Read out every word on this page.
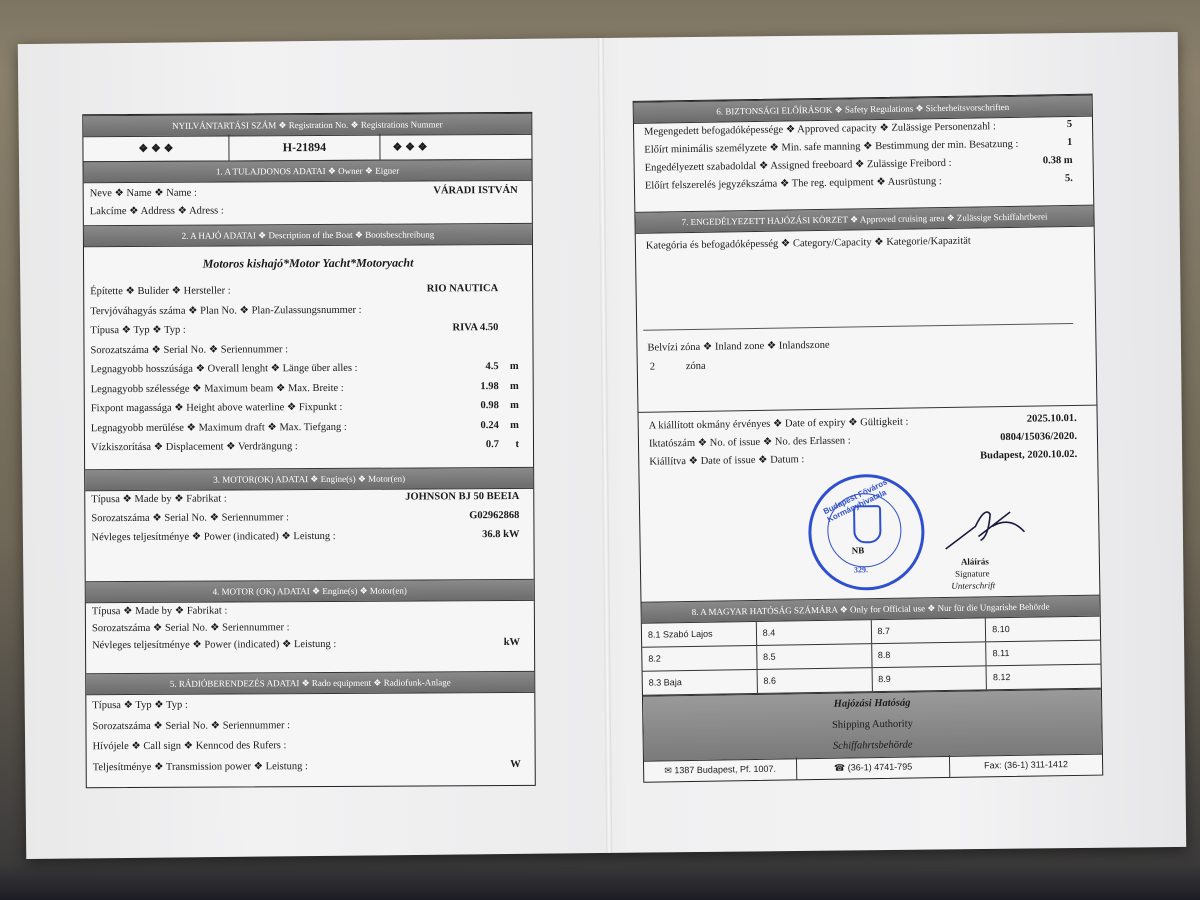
NYILVÁNTARTÁSI SZÁM ❖ Registration No. ❖ Registrations Nummer
❖ ❖ ❖	H-21894	❖ ❖ ❖
1. A TULAJDONOS ADATAI ❖ Owner ❖ Eigner
Neve ❖ Name ❖ Name :	VÁRADI ISTVÁN
Lakcíme ❖ Address ❖ Adress :
2. A HAJÓ ADATAI ❖ Description of the Boat ❖ Bootsbeschreibung
Motoros kishajó*Motor Yacht*Motoryacht
Építette ❖ Bulider ❖ Hersteller :	RIO NAUTICA
Tervjóváhagyás száma ❖ Plan No. ❖ Plan-Zulassungsnummer :
Típusa ❖ Typ ❖ Typ :	RIVA 4.50
Sorozatszáma ❖ Serial No. ❖ Seriennummer :
Legnagyobb hosszúsága ❖ Overall lenght ❖ Länge über alles :	4.5 m
Legnagyobb szélessége ❖ Maximum beam ❖ Max. Breite :	1.98 m
Fixpont magassága ❖ Height above waterline ❖ Fixpunkt :	0.98 m
Legnagyobb merülése ❖ Maximum draft ❖ Max. Tiefgang :	0.24 m
Vízkiszorítása ❖ Displacement ❖ Verdrängung :	0.7 t
3. MOTOR(OK) ADATAI ❖ Engine(s) ❖ Motor(en)
Típusa ❖ Made by ❖ Fabrikat :	JOHNSON BJ 50 BEEIA
Sorozatszáma ❖ Serial No. ❖ Seriennummer :	G02962868
Névleges teljesítménye ❖ Power (indicated) ❖ Leistung :	36.8 kW
4. MOTOR (OK) ADATAI ❖ Engine(s) ❖ Motor(en)
Típusa ❖ Made by ❖ Fabrikat :
Sorozatszáma ❖ Serial No. ❖ Seriennummer :
Névleges teljesítménye ❖ Power (indicated) ❖ Leistung :	kW
5. RÁDIÓBERENDEZÉS ADATAI ❖ Rado equipment ❖ Radiofunk-Anlage
Típusa ❖ Typ ❖ Typ :
Sorozatszáma ❖ Serial No. ❖ Seriennummer :
Hívójele ❖ Call sign ❖ Kenncod des Rufers :
Teljesítménye ❖ Transmission power ❖ Leistung :	W
6. BIZTONSÁGI ELŐÍRÁSOK ❖ Safety Regulations ❖ Sicherheitsvorschriften
Megengedett befogadóképessége ❖ Approved capacity ❖ Zulässige Personenzahl :	5
Előírt minimális személyzete ❖ Min. safe manning ❖ Bestimmung der min. Besatzung :	1
Engedélyezett szabadoldal ❖ Assigned freeboard ❖ Zulässige Freibord :	0.38 m
Előírt felszerelés jegyzékszáma ❖ The reg. equipment ❖ Ausrüstung :	5.
7. ENGEDÉLYEZETT HAJÓZÁSI KÖRZET ❖ Approved cruising area ❖ Zulässige Schiffahrtberei
Kategória és befogadóképesség ❖ Category/Capacity ❖ Kategorie/Kapazität
Belvízi zóna ❖ Inland zone ❖ Inlandszone
2	zóna
A kiállított okmány érvényes ❖ Date of expiry ❖ Gültigkeit :	2025.10.01.
Iktatószám ❖ No. of issue ❖ No. des Erlassen :	0804/15036/2020.
Kiállítva ❖ Date of issue ❖ Datum :	Budapest, 2020.10.02.
Budapest Főváros Kormányhivatala
NB
329.
Aláírás
Signature
Unterschrift
8. A MAGYAR HATÓSÁG SZÁMÁRA ❖ Only for Official use ❖ Nur für die Ungarishe Behörde
8.1 Szabó Lajos	8.4	8.7	8.10
8.2	8.5	8.8	8.11
8.3 Baja	8.6	8.9	8.12
Hajózási Hatóság
Shipping Authority
Schiffahrtsbehörde
✉ 1387 Budapest, Pf. 1007.	☎ (36-1) 4741-795	Fax: (36-1) 311-1412
